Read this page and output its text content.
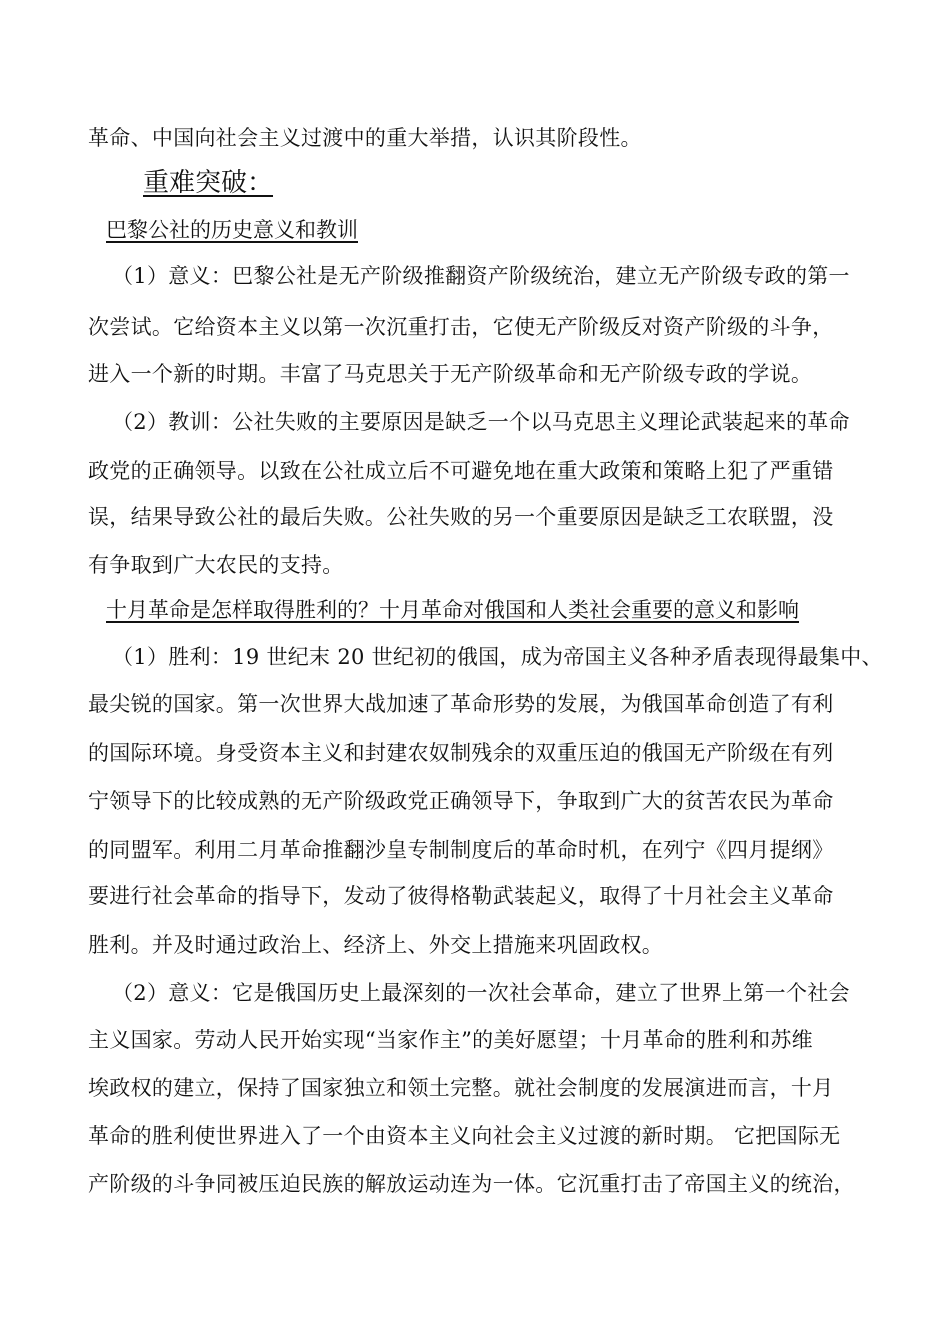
革命、中国向社会主义过渡中的重大举措，认识其阶段性。
重难突破：
巴黎公社的历史意义和教训
（1）意义：巴黎公社是无产阶级推翻资产阶级统治，建立无产阶级专政的第一
次尝试。它给资本主义以第一次沉重打击，它使无产阶级反对资产阶级的斗争，
进入一个新的时期。丰富了马克思关于无产阶级革命和无产阶级专政的学说。
（2）教训：公社失败的主要原因是缺乏一个以马克思主义理论武装起来的革命
政党的正确领导。以致在公社成立后不可避免地在重大政策和策略上犯了严重错
误，结果导致公社的最后失败。公社失败的另一个重要原因是缺乏工农联盟，没
有争取到广大农民的支持。
十月革命是怎样取得胜利的？十月革命对俄国和人类社会重要的意义和影响
（1）胜利：19 世纪末 20 世纪初的俄国，成为帝国主义各种矛盾表现得最集中、
最尖锐的国家。第一次世界大战加速了革命形势的发展，为俄国革命创造了有利
的国际环境。身受资本主义和封建农奴制残余的双重压迫的俄国无产阶级在有列
宁领导下的比较成熟的无产阶级政党正确领导下，争取到广大的贫苦农民为革命
的同盟军。利用二月革命推翻沙皇专制制度后的革命时机，在列宁《四月提纲》
要进行社会革命的指导下，发动了彼得格勒武装起义，取得了十月社会主义革命
胜利。并及时通过政治上、经济上、外交上措施来巩固政权。
（2）意义：它是俄国历史上最深刻的一次社会革命，建立了世界上第一个社会
主义国家。劳动人民开始实现“当家作主”的美好愿望；十月革命的胜利和苏维
埃政权的建立，保持了国家独立和领土完整。就社会制度的发展演进而言，十月
革命的胜利使世界进入了一个由资本主义向社会主义过渡的新时期。 它把国际无
产阶级的斗争同被压迫民族的解放运动连为一体。它沉重打击了帝国主义的统治，
